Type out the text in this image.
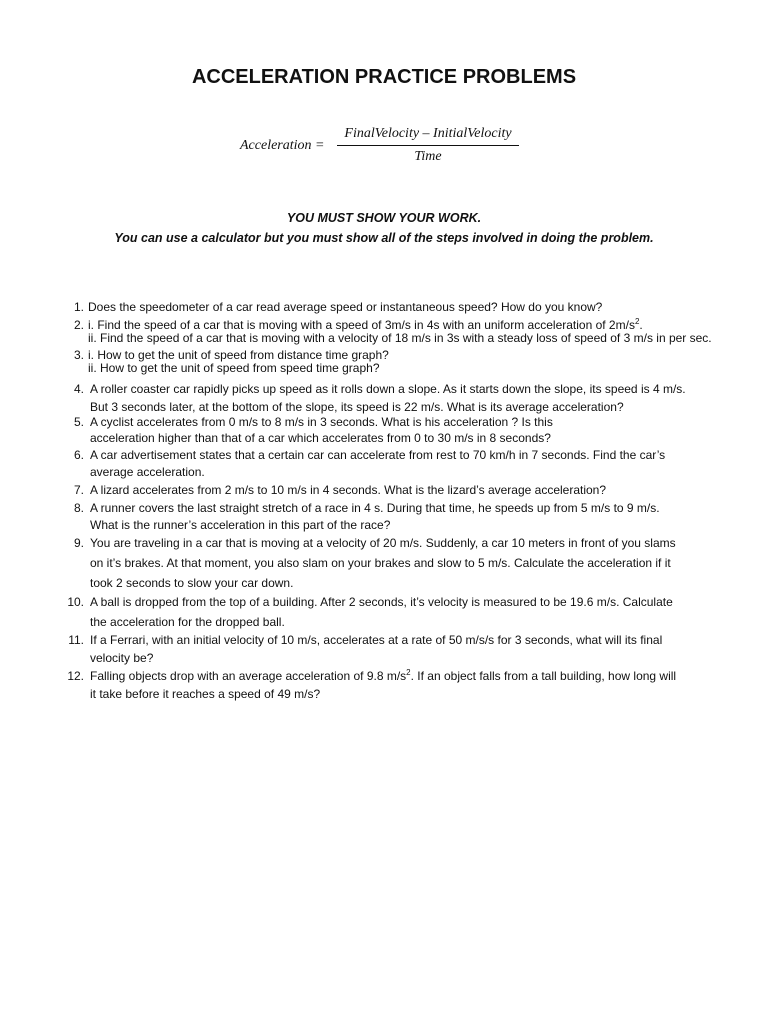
ACCELERATION PRACTICE PROBLEMS
Acceleration =
FinalVelocity – InitialVelocity
Time
YOU MUST SHOW YOUR WORK.
You can use a calculator but you must show all of the steps involved in doing the problem.
1. Does the speedometer of a car read average speed or instantaneous speed? How do you know?
2. i. Find the speed of a car that is moving with a speed of 3m/s in 4s with an uniform acceleration of $2m/s^2$.
ii. Find the speed of a car that is moving with a velocity of 18 m/s in 3s with a steady loss of speed of 3 m/s in per sec.
3. i. How to get the unit of speed from distance time graph?
ii. How to get the unit of speed from speed time graph?
4. A roller coaster car rapidly picks up speed as it rolls down a slope. As it starts down the slope, its speed is 4 m/s.
But 3 seconds later, at the bottom of the slope, its speed is 22 m/s. What is its average acceleration?
5. A cyclist accelerates from 0 m/s to 8 m/s in 3 seconds. What is his acceleration ? Is this
acceleration higher than that of a car which accelerates from 0 to 30 m/s in 8 seconds?
6. A car advertisement states that a certain car can accelerate from rest to 70 km/h in 7 seconds. Find the car’s
average acceleration.
7. A lizard accelerates from 2 m/s to 10 m/s in 4 seconds. What is the lizard’s average acceleration?
8. A runner covers the last straight stretch of a race in 4 s. During that time, he speeds up from 5 m/s to 9 m/s.
What is the runner’s acceleration in this part of the race?
9. You are traveling in a car that is moving at a velocity of 20 m/s. Suddenly, a car 10 meters in front of you slams
on it’s brakes. At that moment, you also slam on your brakes and slow to 5 m/s. Calculate the acceleration if it
took 2 seconds to slow your car down.
10. A ball is dropped from the top of a building. After 2 seconds, it’s velocity is measured to be 19.6 m/s. Calculate
the acceleration for the dropped ball.
11. If a Ferrari, with an initial velocity of 10 m/s, accelerates at a rate of 50 m/s/s for 3 seconds, what will its final
velocity be?
12. Falling objects drop with an average acceleration of 9.8 $m/s^2$. If an object falls from a tall building, how long will
it take before it reaches a speed of 49 m/s?
